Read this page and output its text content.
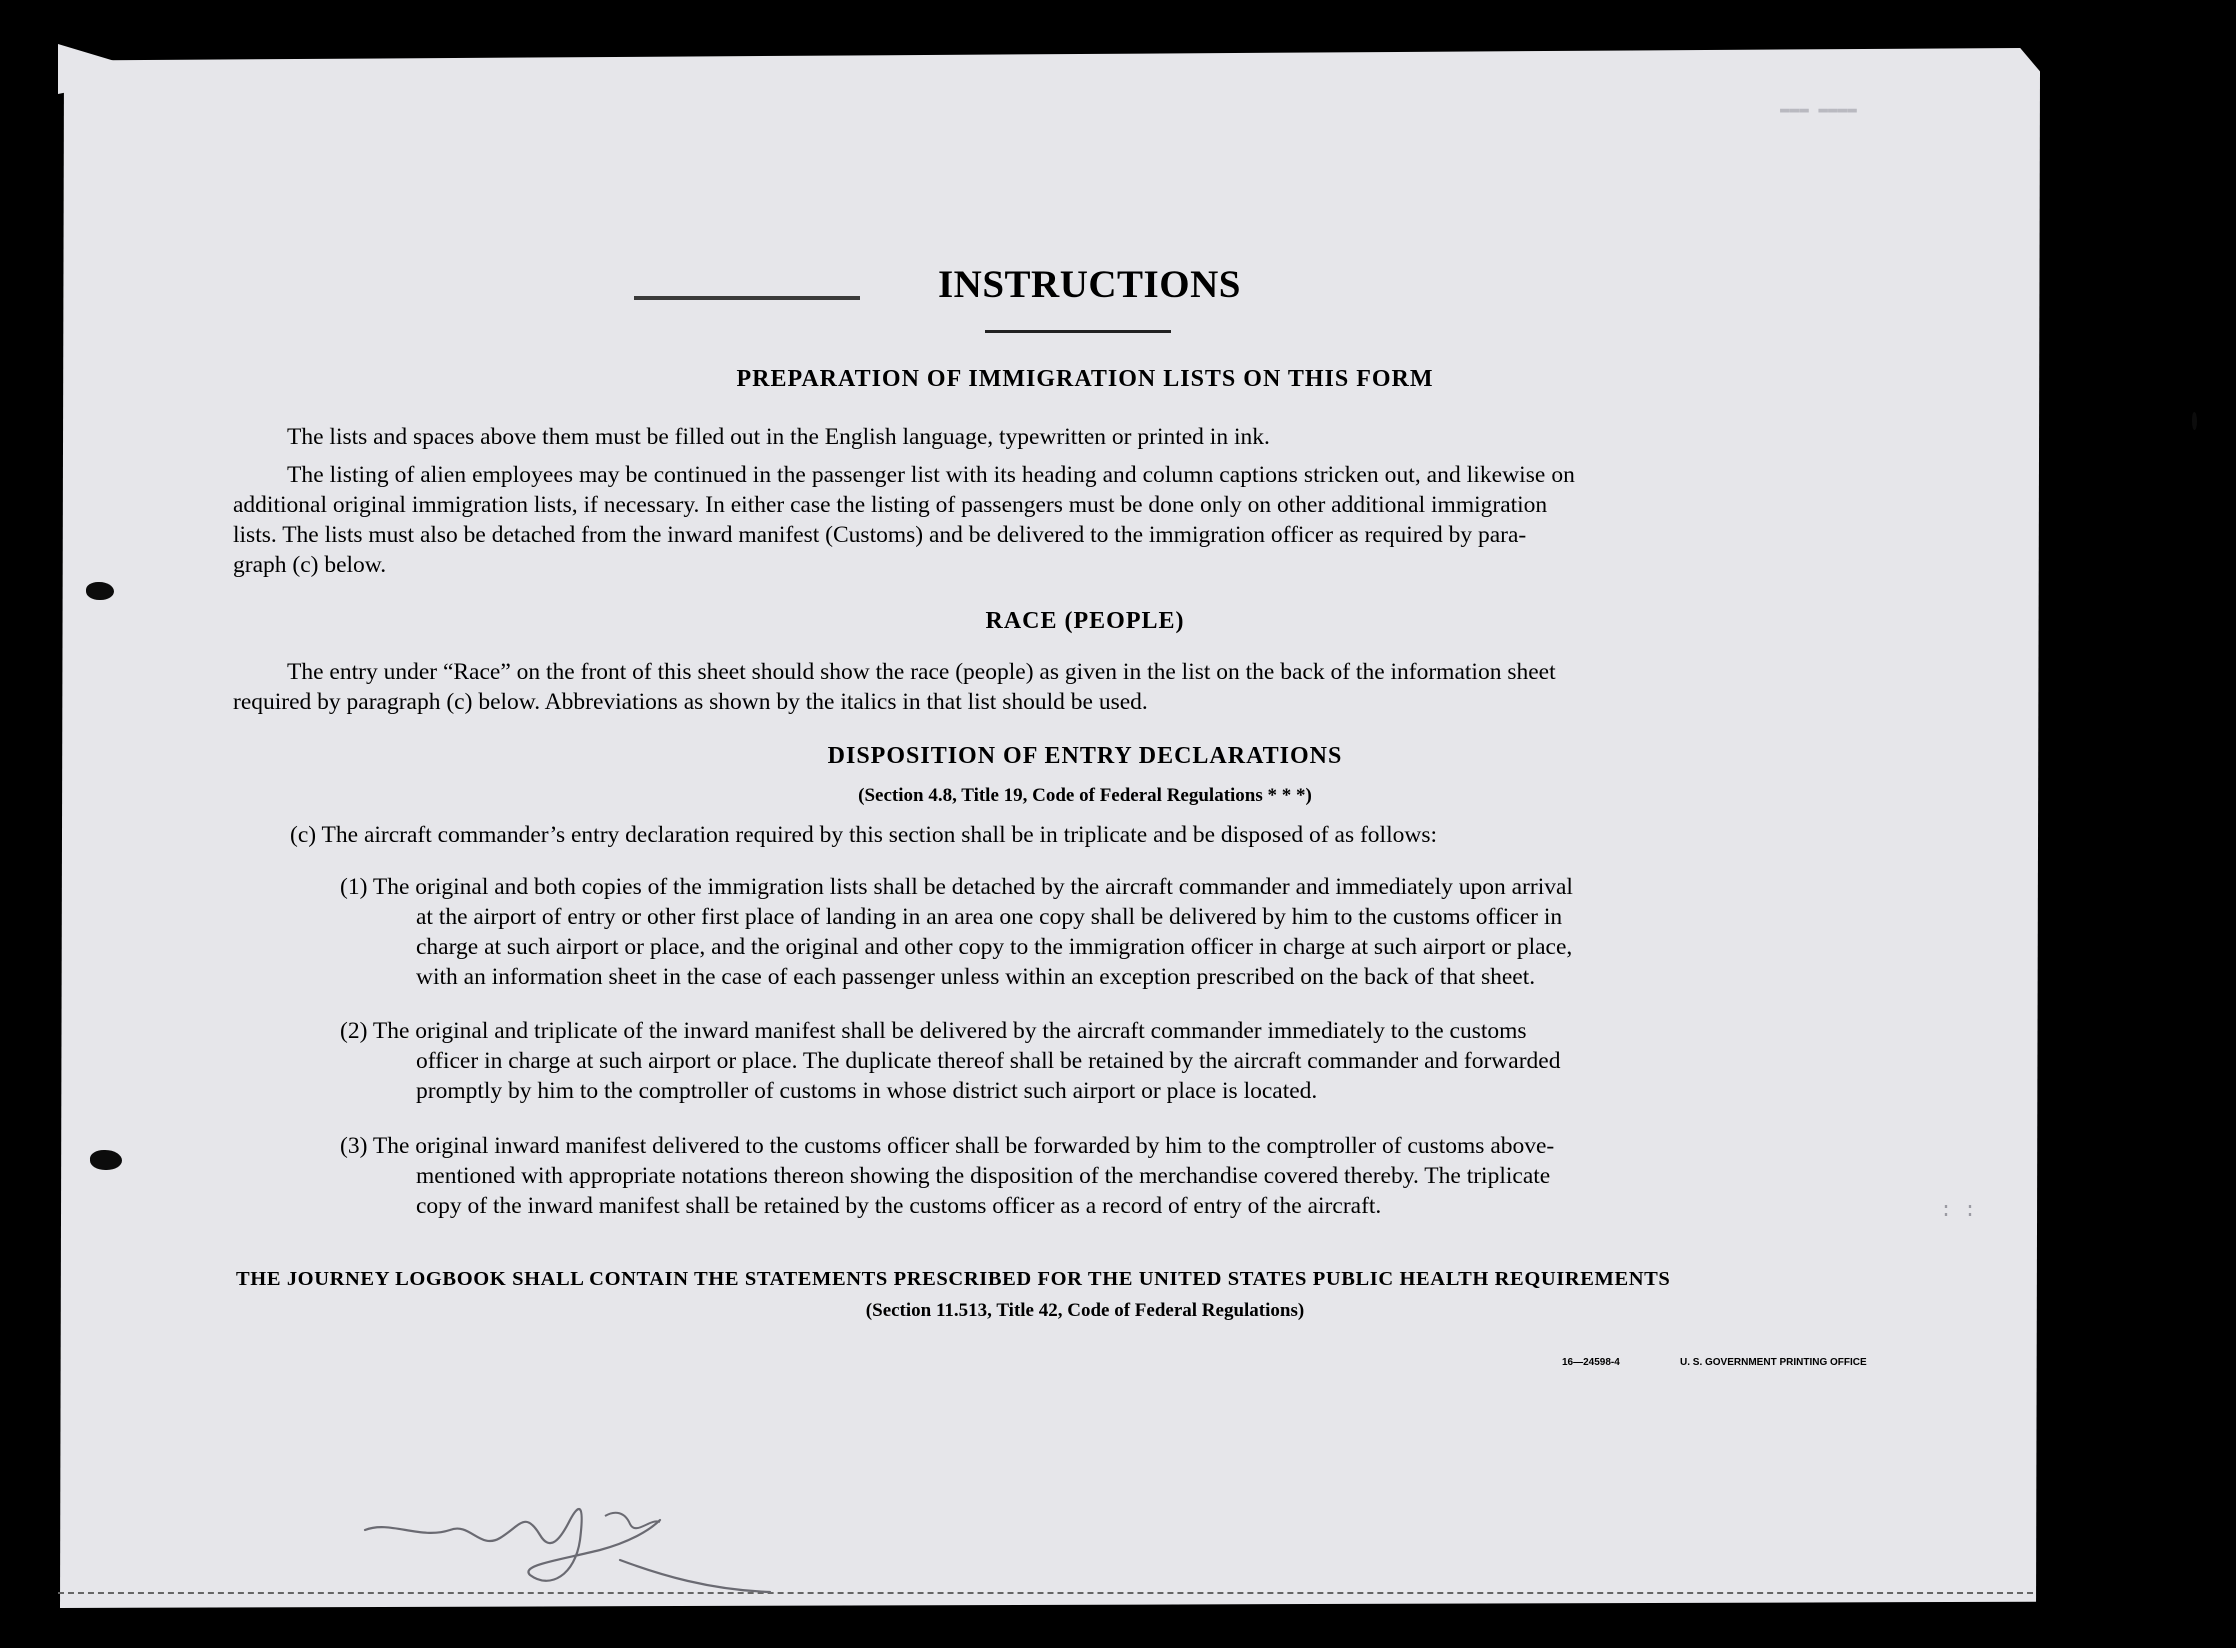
INSTRUCTIONS
PREPARATION OF IMMIGRATION LISTS ON THIS FORM
The lists and spaces above them must be filled out in the English language, typewritten or printed in ink.
The listing of alien employees may be continued in the passenger list with its heading and column captions stricken out, and likewise on
additional original immigration lists, if necessary. In either case the listing of passengers must be done only on other additional immigration
lists. The lists must also be detached from the inward manifest (Customs) and be delivered to the immigration officer as required by para-
graph (c) below.
RACE (PEOPLE)
The entry under “Race” on the front of this sheet should show the race (people) as given in the list on the back of the information sheet
required by paragraph (c) below. Abbreviations as shown by the italics in that list should be used.
DISPOSITION OF ENTRY DECLARATIONS
(Section 4.8, Title 19, Code of Federal Regulations * * *)
(c) The aircraft commander’s entry declaration required by this section shall be in triplicate and be disposed of as follows:
(1) The original and both copies of the immigration lists shall be detached by the aircraft commander and immediately upon arrival
at the airport of entry or other first place of landing in an area one copy shall be delivered by him to the customs officer in
charge at such airport or place, and the original and other copy to the immigration officer in charge at such airport or place,
with an information sheet in the case of each passenger unless within an exception prescribed on the back of that sheet.
(2) The original and triplicate of the inward manifest shall be delivered by the aircraft commander immediately to the customs
officer in charge at such airport or place. The duplicate thereof shall be retained by the aircraft commander and forwarded
promptly by him to the comptroller of customs in whose district such airport or place is located.
(3) The original inward manifest delivered to the customs officer shall be forwarded by him to the comptroller of customs above-
mentioned with appropriate notations thereon showing the disposition of the merchandise covered thereby. The triplicate
copy of the inward manifest shall be retained by the customs officer as a record of entry of the aircraft.
THE JOURNEY LOGBOOK SHALL CONTAIN THE STATEMENTS PRESCRIBED FOR THE UNITED STATES PUBLIC HEALTH REQUIREMENTS
(Section 11.513, Title 42, Code of Federal Regulations)
16—24598-4	U. S. GOVERNMENT PRINTING OFFICE
▬▬▬ ▬▬▬▬
: :
